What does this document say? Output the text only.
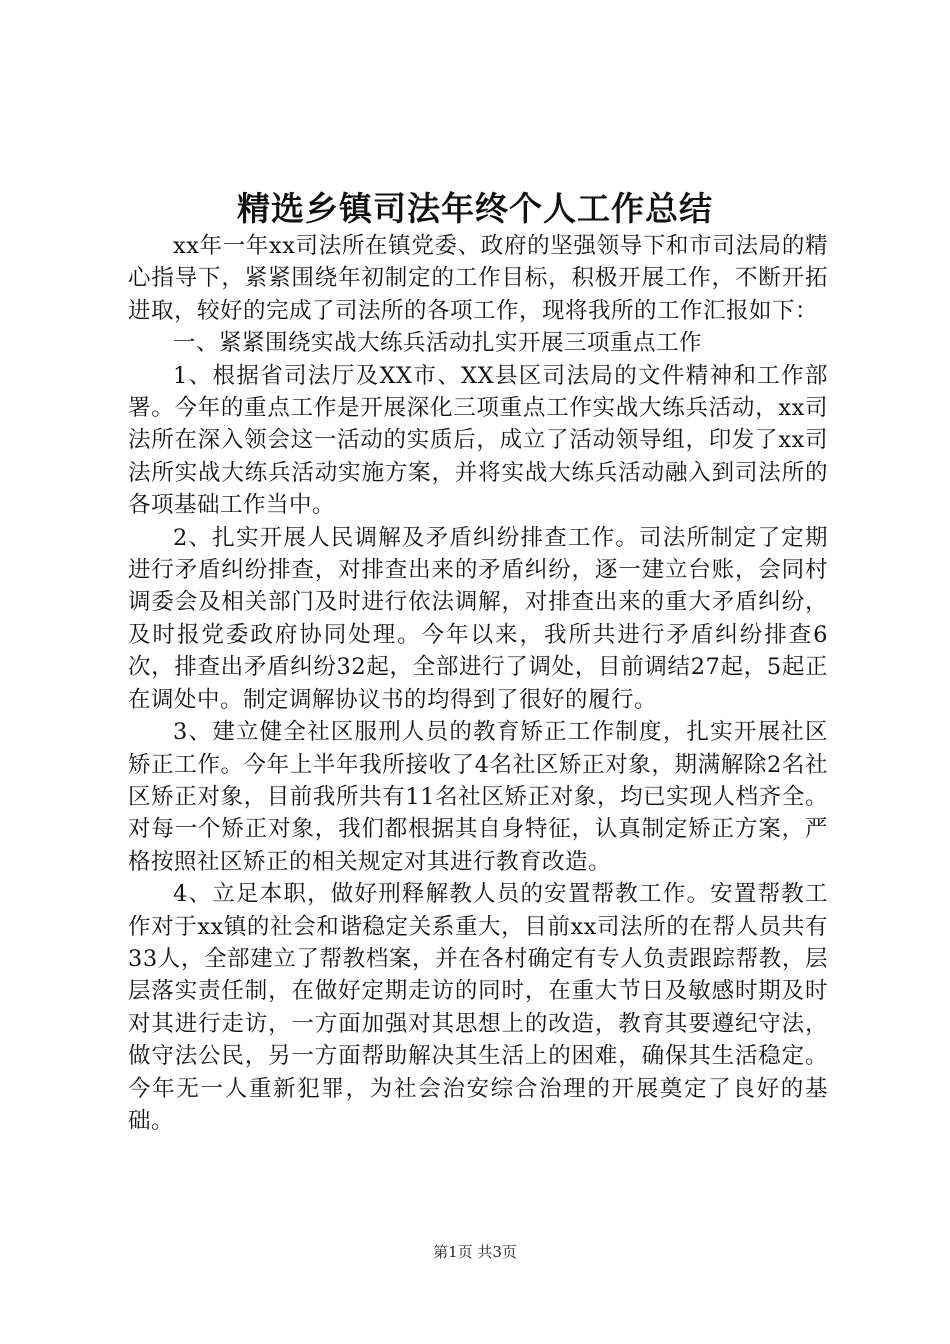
精选乡镇司法年终个人工作总结

xx年一年xx司法所在镇党委、政府的坚强领导下和市司法局的精心指导下，紧紧围绕年初制定的工作目标，积极开展工作，不断开拓进取，较好的完成了司法所的各项工作，现将我所的工作汇报如下：

一、紧紧围绕实战大练兵活动扎实开展三项重点工作

1、根据省司法厅及XX市、XX县区司法局的文件精神和工作部署。今年的重点工作是开展深化三项重点工作实战大练兵活动，xx司法所在深入领会这一活动的实质后，成立了活动领导组，印发了xx司法所实战大练兵活动实施方案，并将实战大练兵活动融入到司法所的各项基础工作当中。

2、扎实开展人民调解及矛盾纠纷排查工作。司法所制定了定期进行矛盾纠纷排查，对排查出来的矛盾纠纷，逐一建立台账，会同村调委会及相关部门及时进行依法调解，对排查出来的重大矛盾纠纷，及时报党委政府协同处理。今年以来，我所共进行矛盾纠纷排查6次，排查出矛盾纠纷32起，全部进行了调处，目前调结27起，5起正在调处中。制定调解协议书的均得到了很好的履行。

3、建立健全社区服刑人员的教育矫正工作制度，扎实开展社区矫正工作。今年上半年我所接收了4名社区矫正对象，期满解除2名社区矫正对象，目前我所共有11名社区矫正对象，均已实现人档齐全。对每一个矫正对象，我们都根据其自身特征，认真制定矫正方案，严格按照社区矫正的相关规定对其进行教育改造。

4、立足本职，做好刑释解教人员的安置帮教工作。安置帮教工作对于xx镇的社会和谐稳定关系重大，目前xx司法所的在帮人员共有33人，全部建立了帮教档案，并在各村确定有专人负责跟踪帮教，层层落实责任制，在做好定期走访的同时，在重大节日及敏感时期及时对其进行走访，一方面加强对其思想上的改造，教育其要遵纪守法，做守法公民，另一方面帮助解决其生活上的困难，确保其生活稳定。今年无一人重新犯罪，为社会治安综合治理的开展奠定了良好的基础。

第1页 共3页
